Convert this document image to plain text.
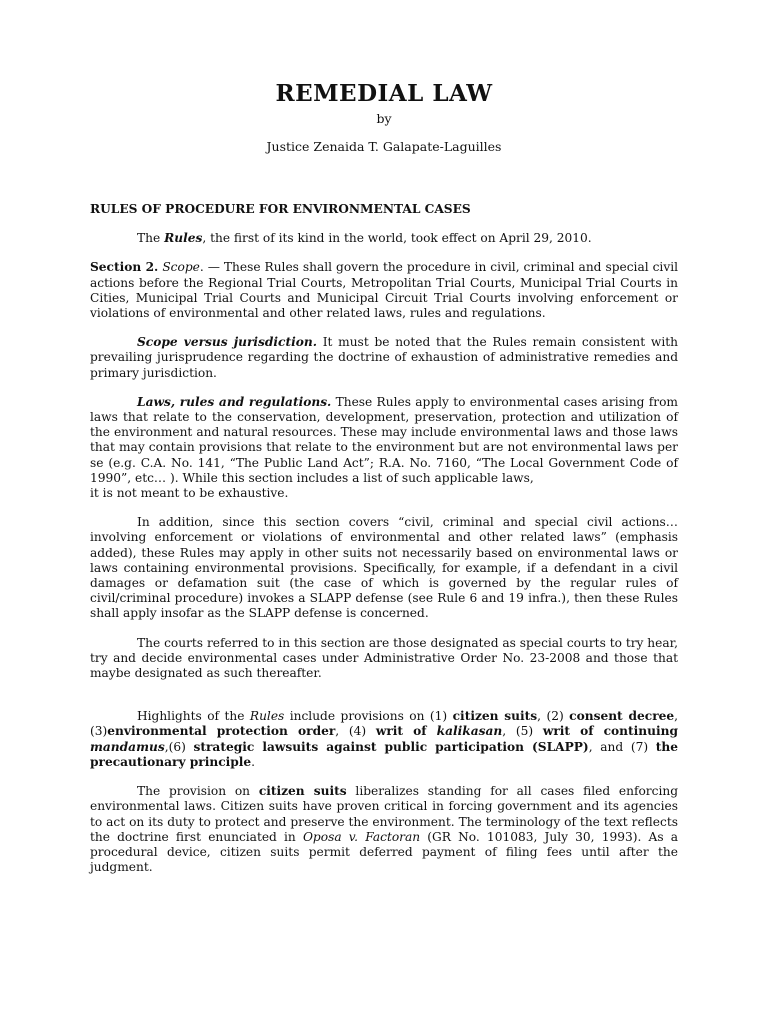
REMEDIAL LAW
by
Justice Zenaida T. Galapate-Laguilles

RULES OF PROCEDURE FOR ENVIRONMENTAL CASES

The Rules, the first of its kind in the world, took effect on April 29, 2010.

Section 2. Scope. — These Rules shall govern the procedure in civil, criminal and special civil actions before the Regional Trial Courts, Metropolitan Trial Courts, Municipal Trial Courts in Cities, Municipal Trial Courts and Municipal Circuit Trial Courts involving enforcement or violations of environmental and other related laws, rules and regulations.

Scope versus jurisdiction. It must be noted that the Rules remain consistent with prevailing jurisprudence regarding the doctrine of exhaustion of administrative remedies and primary jurisdiction.

Laws, rules and regulations. These Rules apply to environmental cases arising from laws that relate to the conservation, development, preservation, protection and utilization of the environment and natural resources. These may include environmental laws and those laws that may contain provisions that relate to the environment but are not environmental laws per se (e.g. C.A. No. 141, “The Public Land Act”; R.A. No. 7160, “The Local Government Code of 1990”, etc… ). While this section includes a list of such applicable laws,

it is not meant to be exhaustive.

In addition, since this section covers “civil, criminal and special civil actions… involving enforcement or violations of environmental and other related laws” (emphasis added), these Rules may apply in other suits not necessarily based on environmental laws or laws containing environmental provisions. Specifically, for example, if a defendant in a civil damages or defamation suit (the case of which is governed by the regular rules of civil/criminal procedure) invokes a SLAPP defense (see Rule 6 and 19 infra.), then these Rules shall apply insofar as the SLAPP defense is concerned.

The courts referred to in this section are those designated as special courts to try hear, try and decide environmental cases under Administrative Order No. 23-2008 and those that maybe designated as such thereafter.

Highlights of the Rules include provisions on (1) citizen suits, (2) consent decree, (3)environmental protection order, (4) writ of kalikasan, (5) writ of continuing mandamus,(6) strategic lawsuits against public participation (SLAPP), and (7) the precautionary principle.

The provision on citizen suits liberalizes standing for all cases filed enforcing environmental laws. Citizen suits have proven critical in forcing government and its agencies to act on its duty to protect and preserve the environment. The terminology of the text reflects the doctrine first enunciated in Oposa v. Factoran (GR No. 101083, July 30, 1993). As a procedural device, citizen suits permit deferred payment of filing fees until after the judgment.
